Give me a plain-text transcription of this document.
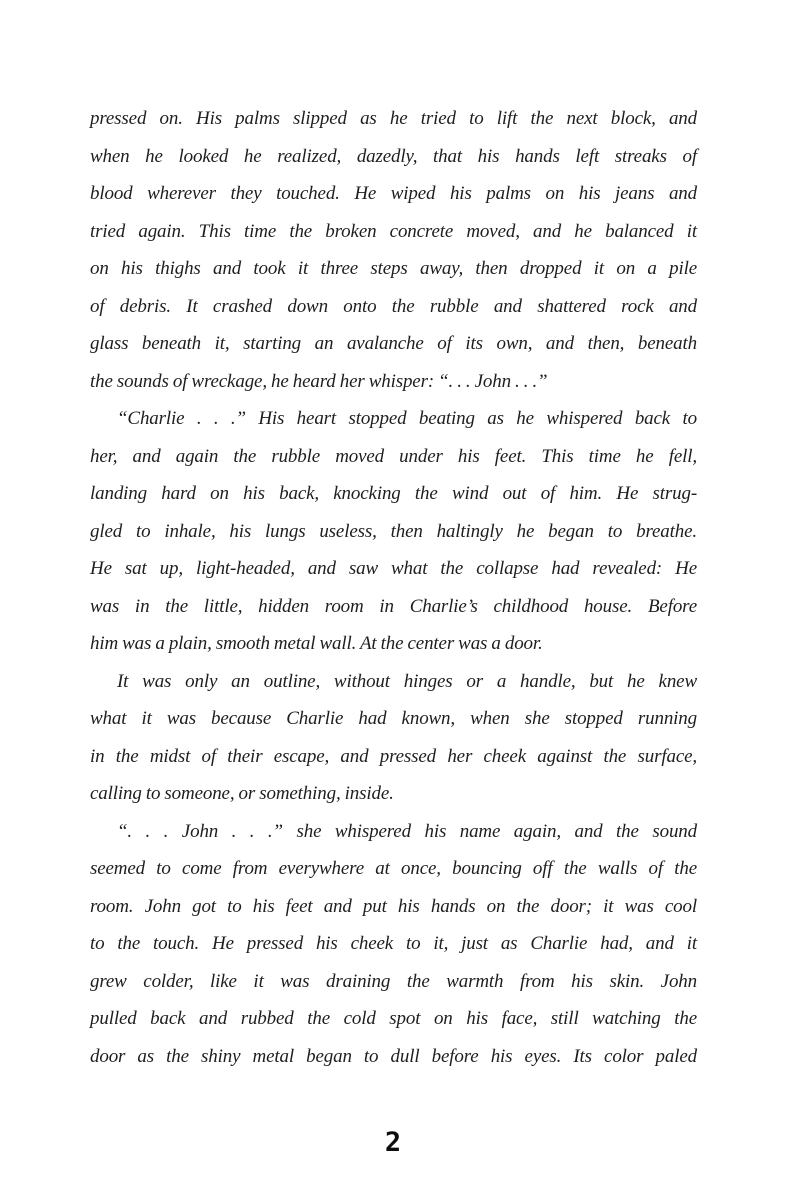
pressed on. His palms slipped as he tried to lift the next block, and
when he looked he realized, dazedly, that his hands left streaks of
blood wherever they touched. He wiped his palms on his jeans and
tried again. This time the broken concrete moved, and he balanced it
on his thighs and took it three steps away, then dropped it on a pile
of debris. It crashed down onto the rubble and shattered rock and
glass beneath it, starting an avalanche of its own, and then, beneath
the sounds of wreckage, he heard her whisper: “. . . John . . .”
“Charlie . . .” His heart stopped beating as he whispered back to
her, and again the rubble moved under his feet. This time he fell,
landing hard on his back, knocking the wind out of him. He strug-
gled to inhale, his lungs useless, then haltingly he began to breathe.
He sat up, light-headed, and saw what the collapse had revealed: He
was in the little, hidden room in Charlie’s childhood house. Before
him was a plain, smooth metal wall. At the center was a door.
It was only an outline, without hinges or a handle, but he knew
what it was because Charlie had known, when she stopped running
in the midst of their escape, and pressed her cheek against the surface,
calling to someone, or something, inside.
“. . . John . . .” she whispered his name again, and the sound
seemed to come from everywhere at once, bouncing off the walls of the
room. John got to his feet and put his hands on the door; it was cool
to the touch. He pressed his cheek to it, just as Charlie had, and it
grew colder, like it was draining the warmth from his skin. John
pulled back and rubbed the cold spot on his face, still watching the
door as the shiny metal began to dull before his eyes. Its color paled
2
